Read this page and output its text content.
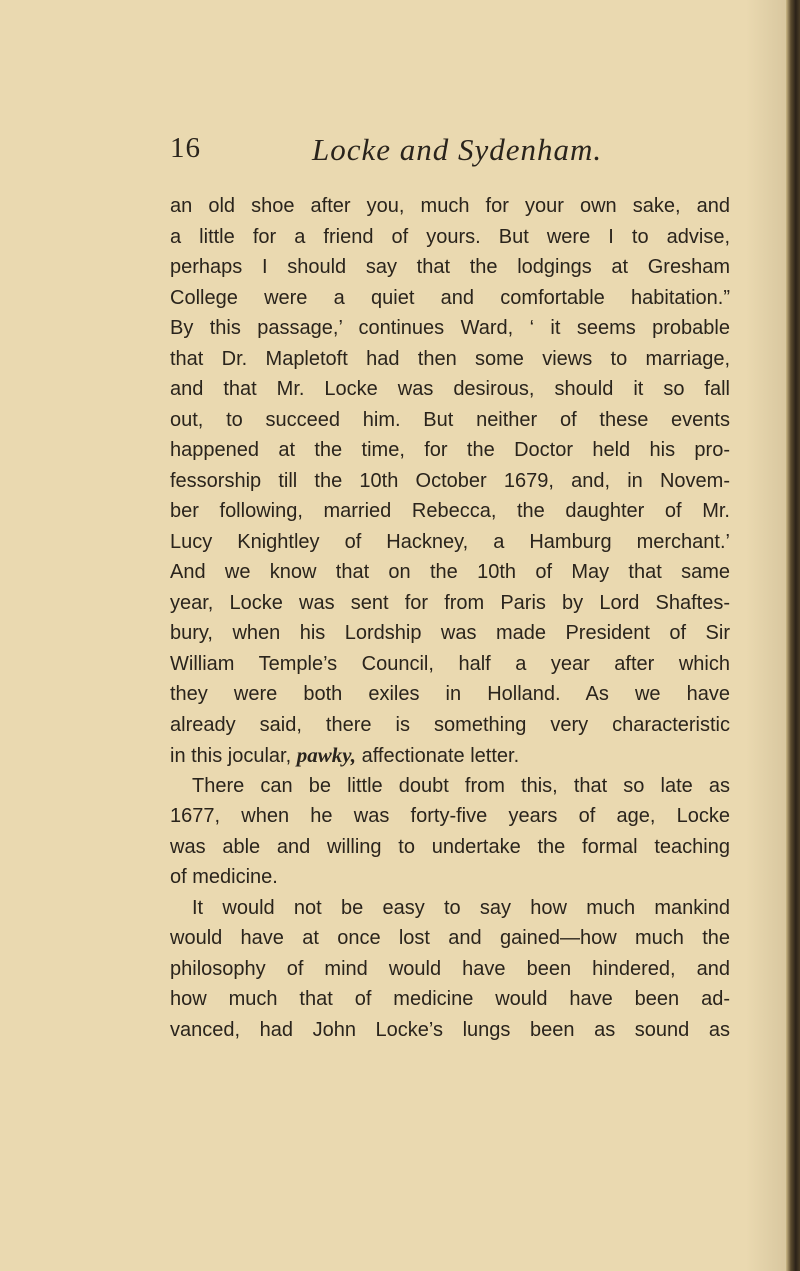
16	Locke and Sydenham.
an old shoe after you, much for your own sake, and
a little for a friend of yours. But were I to advise,
perhaps I should say that the lodgings at Gresham
College were a quiet and comfortable habitation.”
By this passage,’ continues Ward, ‘ it seems probable
that Dr. Mapletoft had then some views to marriage,
and that Mr. Locke was desirous, should it so fall
out, to succeed him. But neither of these events
happened at the time, for the Doctor held his pro-
fessorship till the 10th October 1679, and, in Novem-
ber following, married Rebecca, the daughter of Mr.
Lucy Knightley of Hackney, a Hamburg merchant.’
And we know that on the 10th of May that same
year, Locke was sent for from Paris by Lord Shaftes-
bury, when his Lordship was made President of Sir
William Temple’s Council, half a year after which
they were both exiles in Holland. As we have
already said, there is something very characteristic
in this jocular, pawky, affectionate letter.
There can be little doubt from this, that so late as
1677, when he was forty-five years of age, Locke
was able and willing to undertake the formal teaching
of medicine.
It would not be easy to say how much mankind
would have at once lost and gained—how much the
philosophy of mind would have been hindered, and
how much that of medicine would have been ad-
vanced, had John Locke’s lungs been as sound as
